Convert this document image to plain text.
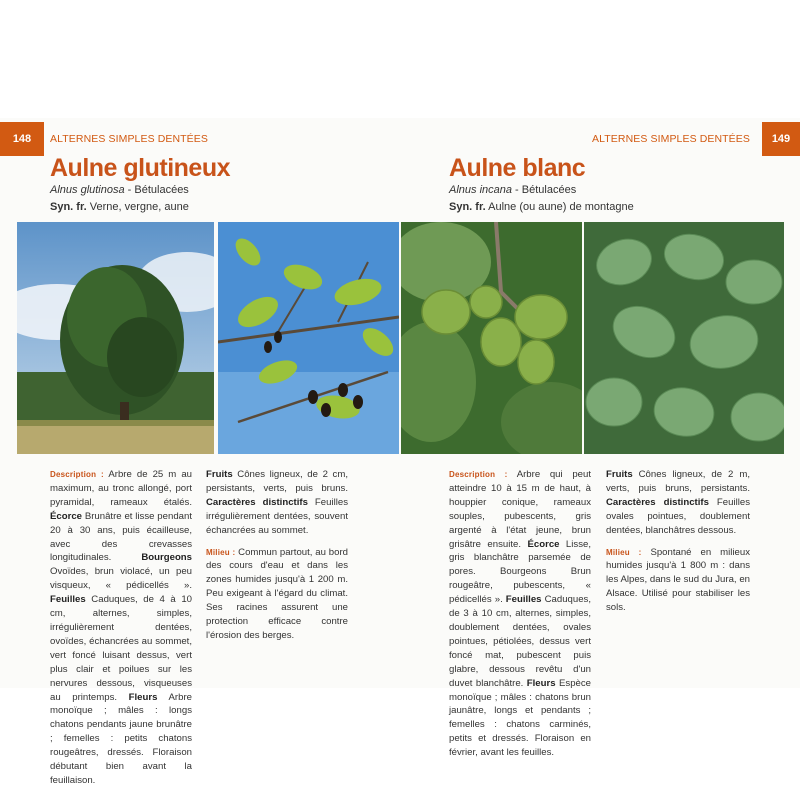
148	ALTERNES SIMPLES DENTÉES	ALTERNES SIMPLES DENTÉES	149
Aulne glutineux
Alnus glutinosa - Bétulacées
Syn. fr. Verne, vergne, aune
Aulne blanc
Alnus incana - Bétulacées
Syn. fr. Aulne (ou aune) de montagne

Description : Arbre de 25 m au maximum, au tronc allongé, port pyramidal, rameaux étalés. Écorce Brunâtre et lisse pendant 20 à 30 ans, puis écailleuse, avec des crevasses longitudinales. Bourgeons Ovoïdes, brun violacé, un peu visqueux, « pédicellés ». Feuilles Caduques, de 4 à 10 cm, alternes, simples, irrégulièrement dentées, ovoïdes, échancrées au sommet, vert foncé luisant dessus, vert plus clair et poilues sur les nervures dessous, visqueuses au printemps. Fleurs Arbre monoïque ; mâles : longs chatons pendants jaune brunâtre ; femelles : petits chatons rougeâtres, dressés. Floraison débutant bien avant la feuillaison.

Fruits Cônes ligneux, de 2 cm, persistants, verts, puis bruns. Caractères distinctifs Feuilles irrégulièrement dentées, souvent échancrées au sommet.

Milieu : Commun partout, au bord des cours d'eau et dans les zones humides jusqu'à 1 200 m. Peu exigeant à l'égard du climat. Ses racines assurent une protection efficace contre l'érosion des berges.

Description : Arbre qui peut atteindre 10 à 15 m de haut, à houppier conique, rameaux souples, pubescents, gris argenté à l'état jeune, brun grisâtre ensuite. Écorce Lisse, gris blanchâtre parsemée de pores. Bourgeons Brun rougeâtre, pubescents, « pédicellés ». Feuilles Caduques, de 3 à 10 cm, alternes, simples, doublement dentées, ovales pointues, pétiolées, dessus vert foncé mat, pubescent puis glabre, dessous revêtu d'un duvet blanchâtre. Fleurs Espèce monoïque ; mâles : chatons brun jaunâtre, longs et pendants ; femelles : chatons carminés, petits et dressés. Floraison en février, avant les feuilles.

Fruits Cônes ligneux, de 2 m, verts, puis bruns, persistants. Caractères distinctifs Feuilles ovales pointues, doublement dentées, blanchâtres dessous.

Milieu : Spontané en milieux humides jusqu'à 1 800 m : dans les Alpes, dans le sud du Jura, en Alsace. Utilisé pour stabiliser les sols.
